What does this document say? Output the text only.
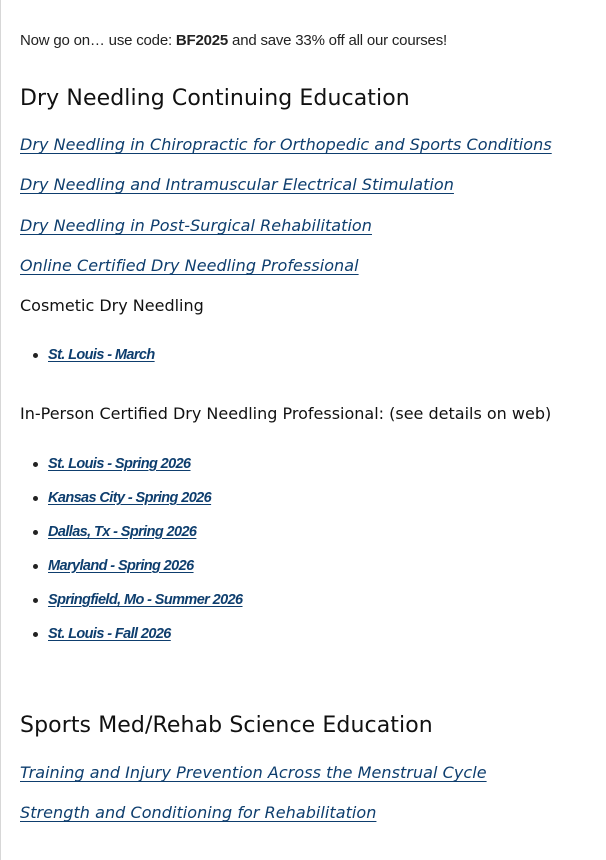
Now go on… use code: BF2025 and save 33% off all our courses!

Dry Needling Continuing Education
Dry Needling in Chiropractic for Orthopedic and Sports Conditions
Dry Needling and Intramuscular Electrical Stimulation
Dry Needling in Post-Surgical Rehabilitation
Online Certified Dry Needling Professional
Cosmetic Dry Needling
St. Louis - March
In-Person Certified Dry Needling Professional: (see details on web)
St. Louis - Spring 2026
Kansas City - Spring 2026
Dallas, Tx - Spring 2026
Maryland - Spring 2026
Springfield, Mo - Summer 2026
St. Louis - Fall 2026
Sports Med/Rehab Science Education
Training and Injury Prevention Across the Menstrual Cycle
Strength and Conditioning for Rehabilitation
